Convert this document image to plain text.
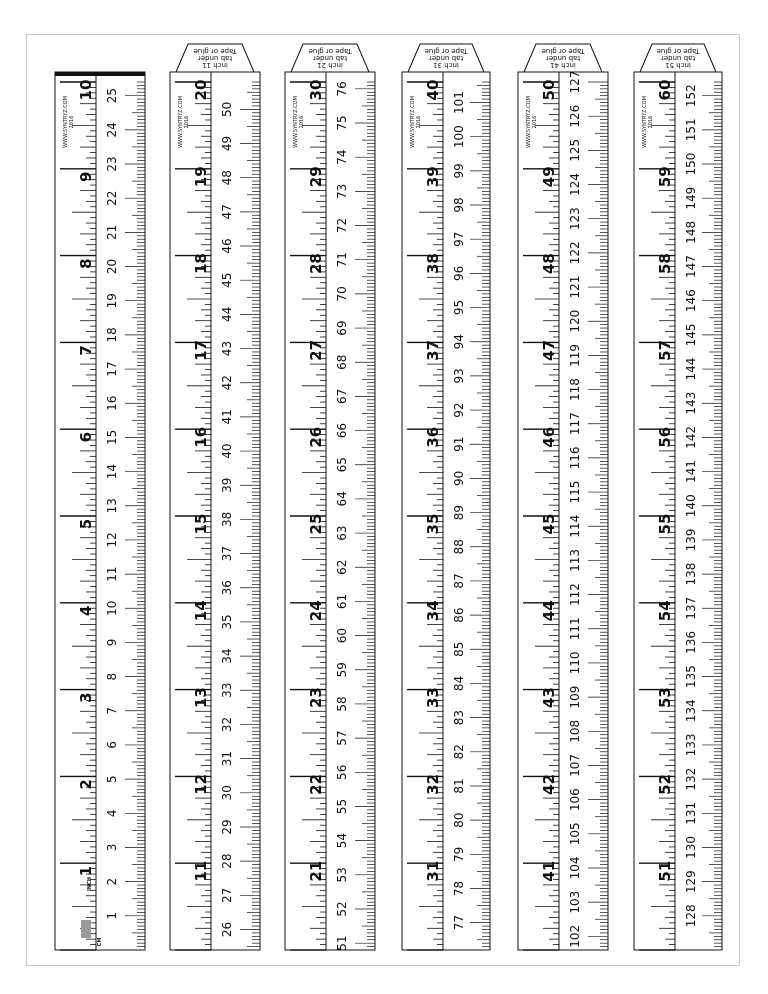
10
9
8
7
6
5
4
3
2
1
1
2
3
4
5
6
7
8
9
10
11
12
13
14
15
16
17
18
19
20
21
22
23
24
25
WWW.SYNTRYZ.COM 2016
INCH
CM
Tape or glue
tab under
inch 11
20
19
18
17
16
15
14
13
12
11
26
27
28
29
30
31
32
33
34
35
36
37
38
39
40
41
42
43
44
45
46
47
48
49
50
WWW.SYNTRYZ.COM 2016
Tape or glue
tab under
inch 21
30
29
28
27
26
25
24
23
22
21
51
52
53
54
55
56
57
58
59
60
61
62
63
64
65
66
67
68
69
70
71
72
73
74
75
76
WWW.SYNTRYZ.COM 2016
Tape or glue
tab under
inch 31
40
39
38
37
36
35
34
33
32
31
77
78
79
80
81
82
83
84
85
86
87
88
89
90
91
92
93
94
95
96
97
98
99
100
101
WWW.SYNTRYZ.COM 2016
Tape or glue
tab under
inch 41
50
49
48
47
46
45
44
43
42
41
102
103
104
105
106
107
108
109
110
111
112
113
114
115
116
117
118
119
120
121
122
123
124
125
126
127
WWW.SYNTRYZ.COM 2016
Tape or glue
tab under
inch 51
60
59
58
57
56
55
54
53
52
51
128
129
130
131
132
133
134
135
136
137
138
139
140
141
142
143
144
145
146
147
148
149
150
151
152
WWW.SYNTRYZ.COM 2016
